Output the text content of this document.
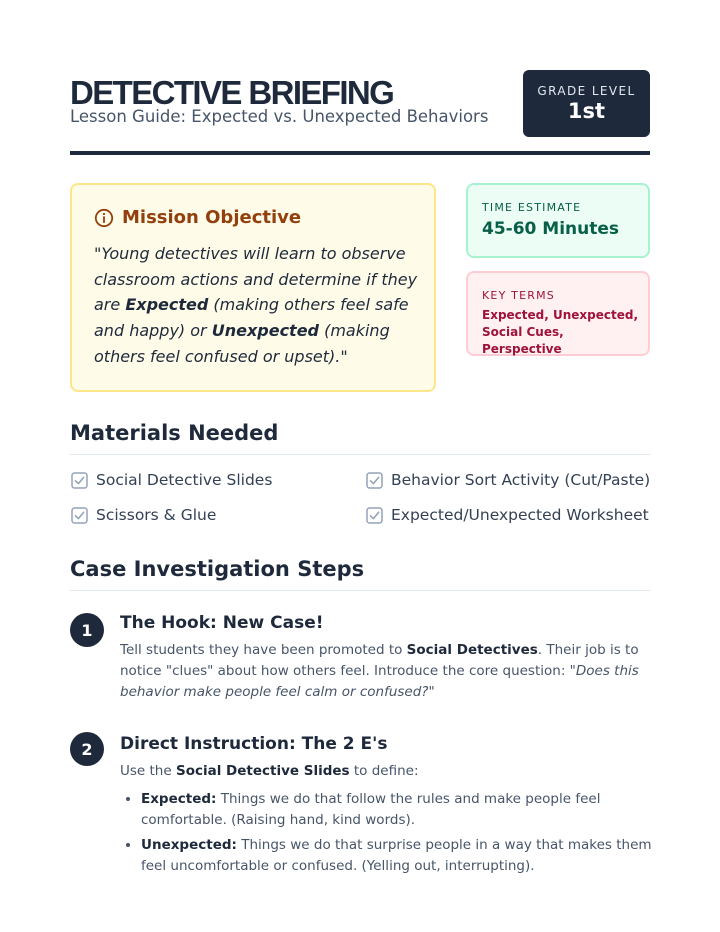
DETECTIVE BRIEFING
Lesson Guide: Expected vs. Unexpected Behaviors
GRADE LEVEL
1st
Mission Objective
"Young detectives will learn to observe classroom actions and determine if they are Expected (making others feel safe and happy) or Unexpected (making others feel confused or upset)."
TIME ESTIMATE
45-60 Minutes
KEY TERMS
Expected, Unexpected, Social Cues, Perspective
Materials Needed
Social Detective Slides	Behavior Sort Activity (Cut/Paste)
Scissors & Glue	Expected/Unexpected Worksheet
Case Investigation Steps
1	The Hook: New Case!
Tell students they have been promoted to Social Detectives. Their job is to notice "clues" about how others feel. Introduce the core question: "Does this behavior make people feel calm or confused?"
2	Direct Instruction: The 2 E's
Use the Social Detective Slides to define:
• Expected: Things we do that follow the rules and make people feel comfortable. (Raising hand, kind words).
• Unexpected: Things we do that surprise people in a way that makes them feel uncomfortable or confused. (Yelling out, interrupting).
